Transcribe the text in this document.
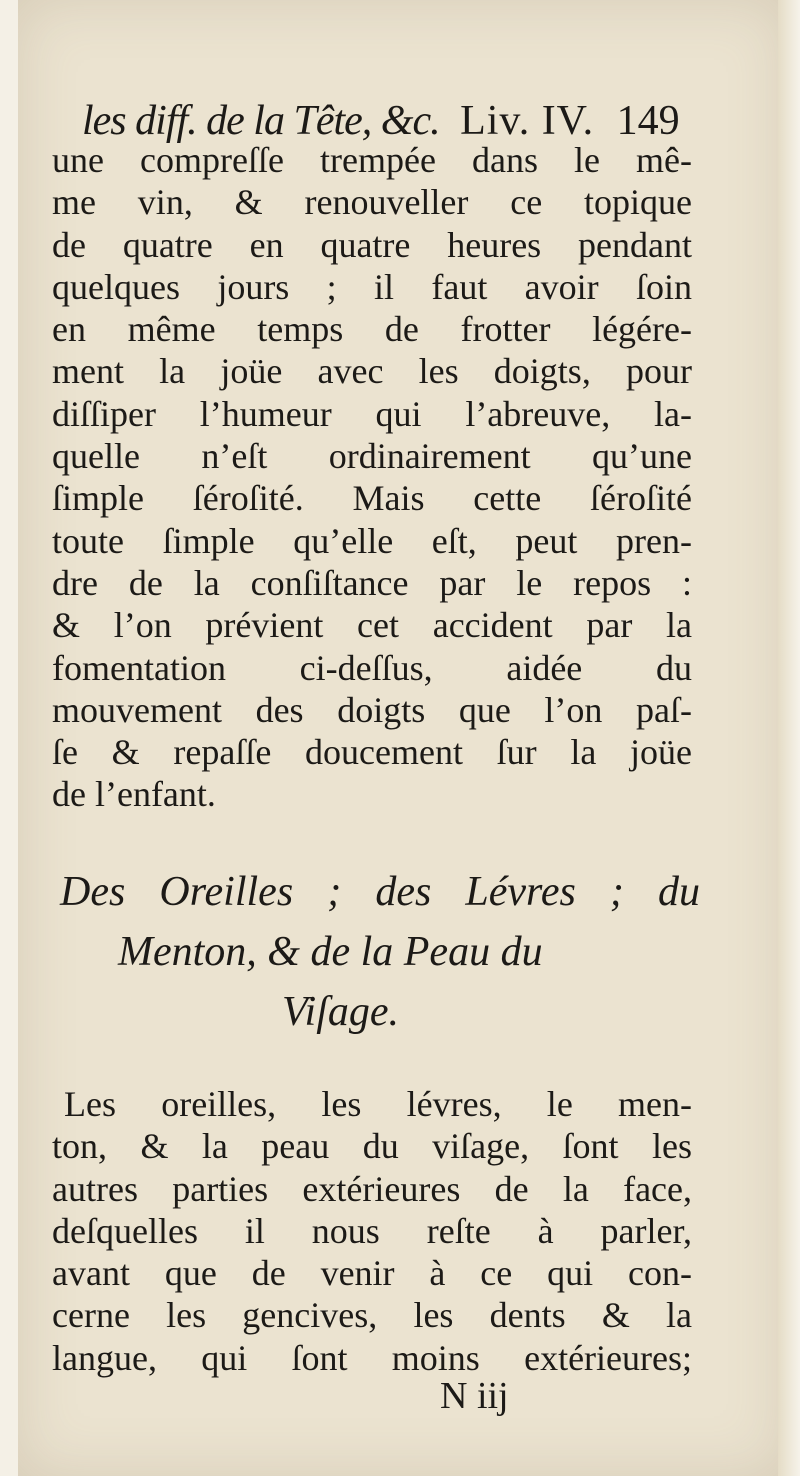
les diff. de la Tête, &c. Liv. IV. 149
une compreſſe trempée dans le mê-
me vin, & renouveller ce topique
de quatre en quatre heures pendant
quelques jours ; il faut avoir ſoin
en même temps de frotter légére-
ment la joüe avec les doigts, pour
diſſiper l’humeur qui l’abreuve, la-
quelle n’eſt ordinairement qu’une
ſimple ſéroſité. Mais cette ſéroſité
toute ſimple qu’elle eſt, peut pren-
dre de la conſiſtance par le repos :
& l’on prévient cet accident par la
fomentation ci-deſſus, aidée du
mouvement des doigts que l’on paſ-
ſe & repaſſe doucement ſur la joüe
de l’enfant.
Des Oreilles ; des Lévres ; du
Menton, & de la Peau du
Viſage.
Les oreilles, les lévres, le men-
ton, & la peau du viſage, ſont les
autres parties extérieures de la face,
deſquelles il nous reſte à parler,
avant que de venir à ce qui con-
cerne les gencives, les dents & la
langue, qui ſont moins extérieures;
N iij
